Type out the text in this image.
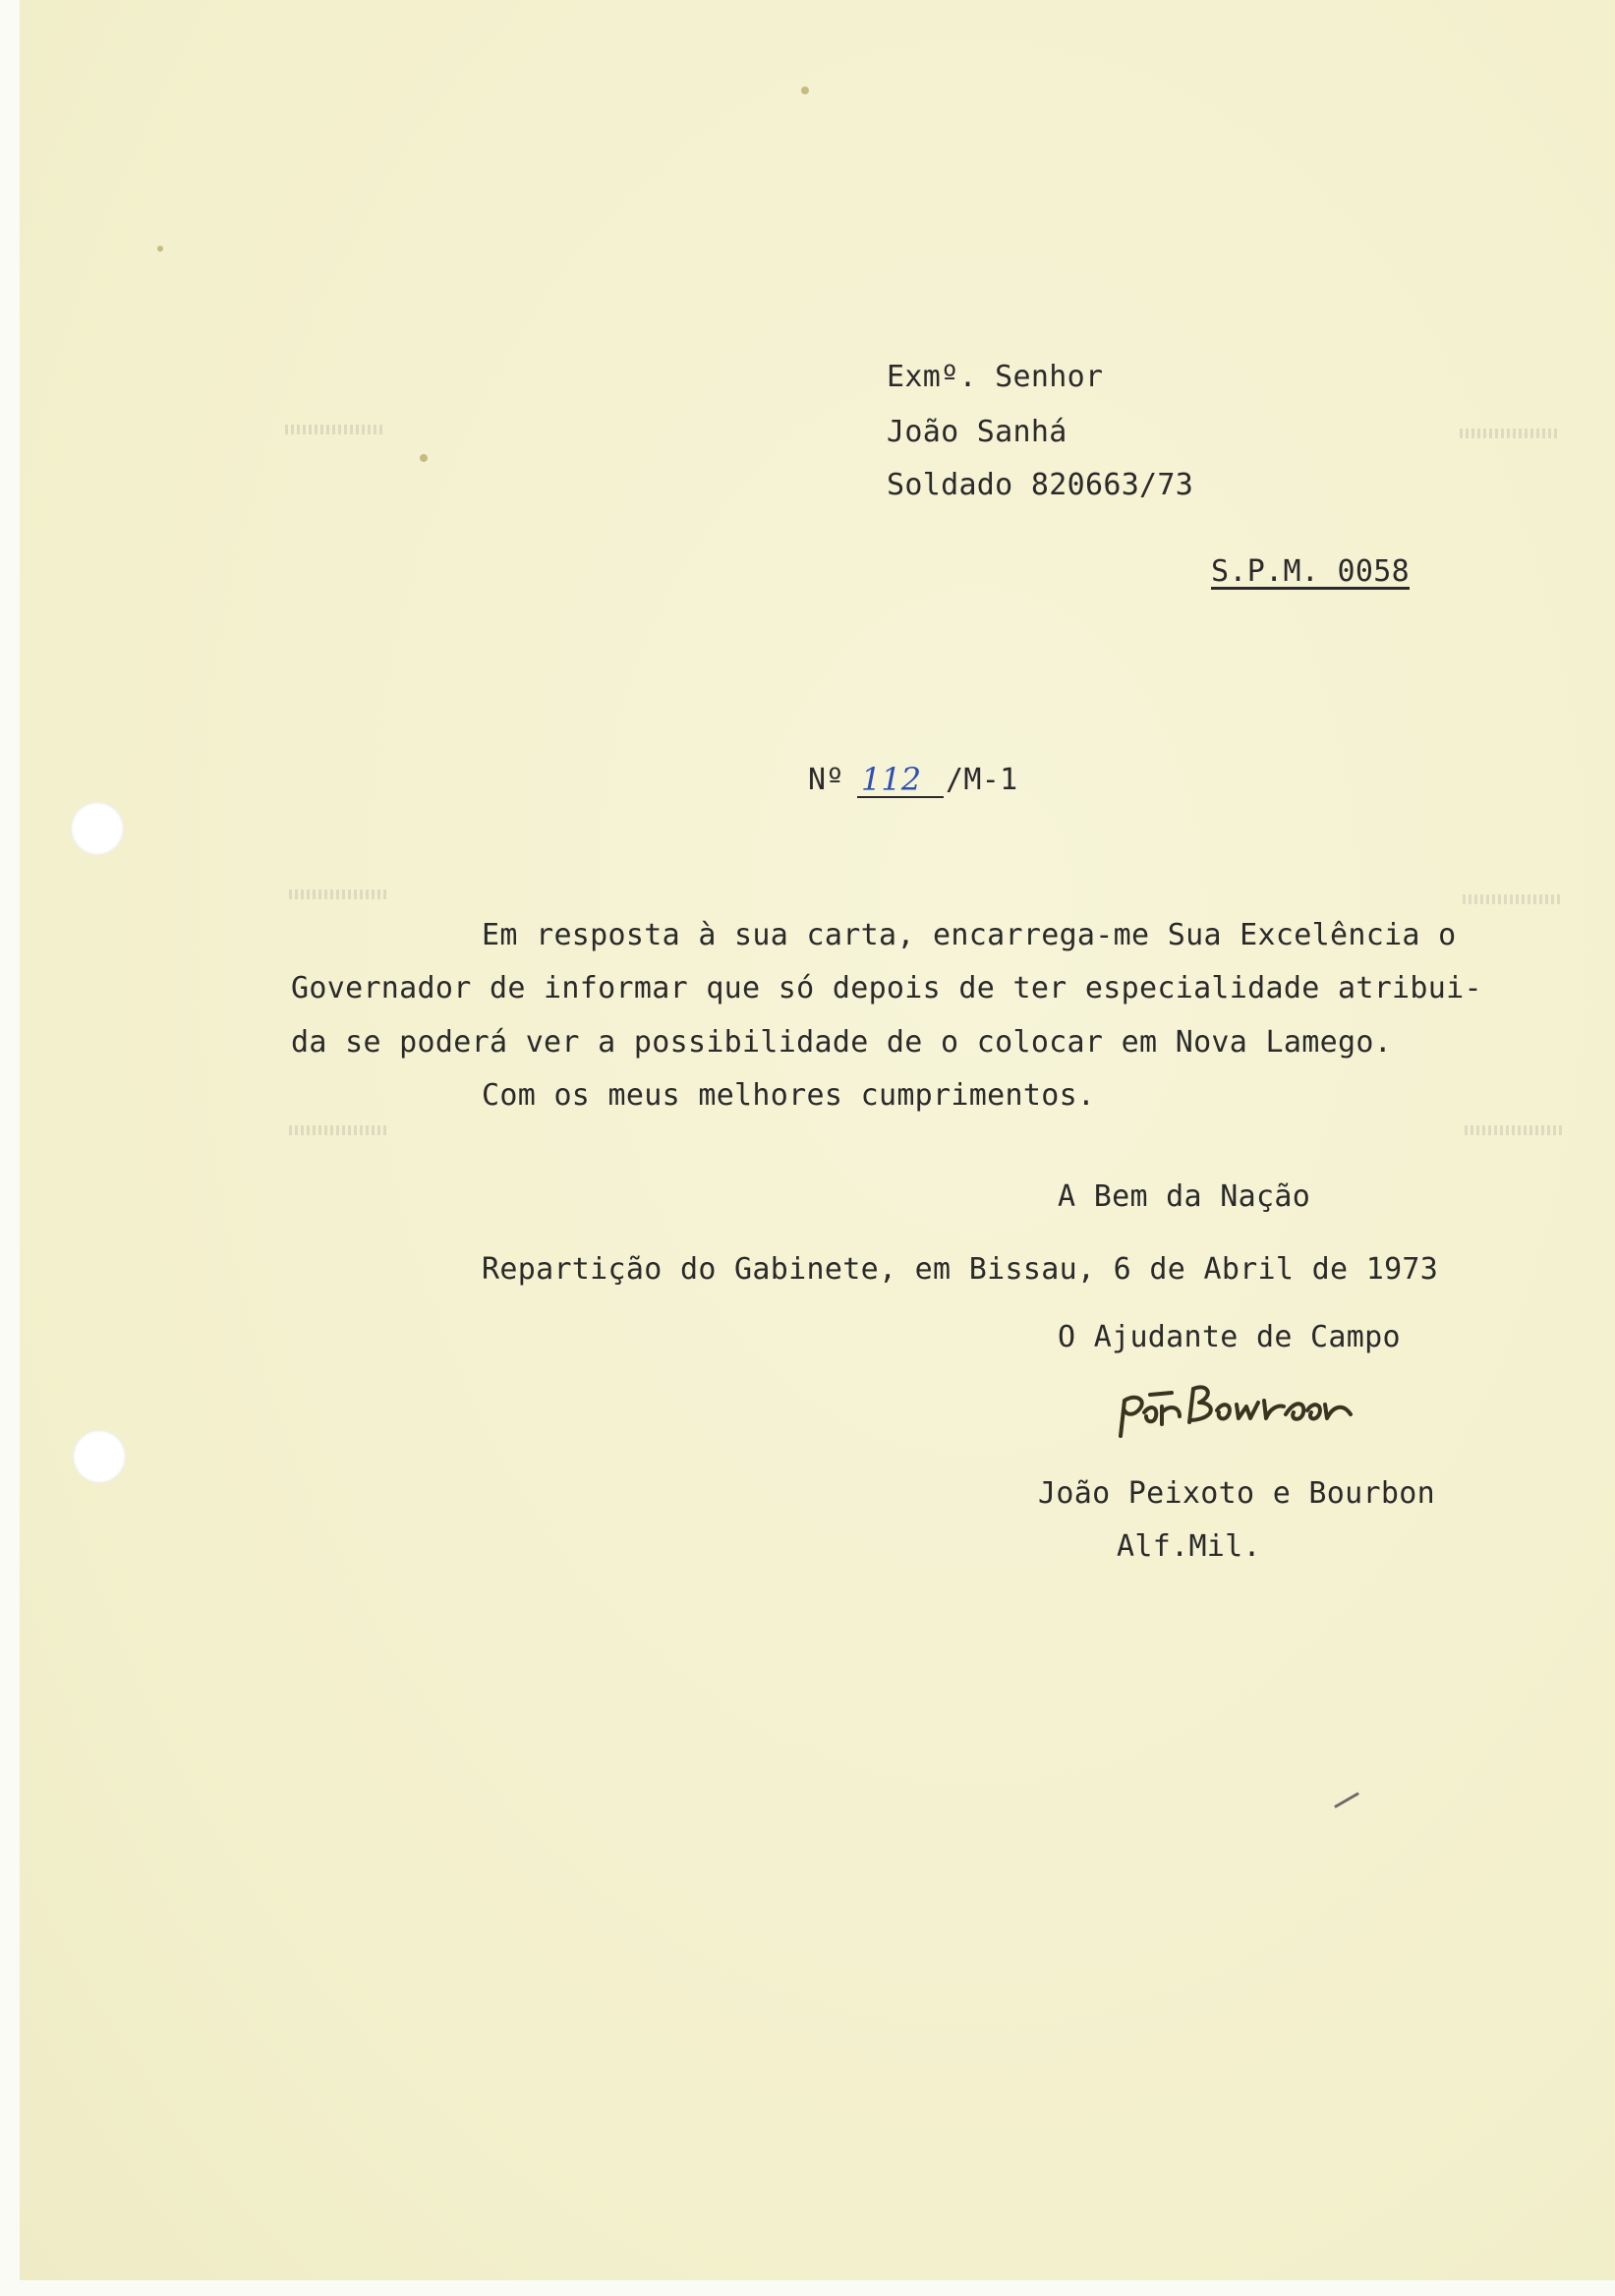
Exmº. Senhor
João Sanhá
Soldado 820663/73
S.P.M. 0058
Nº 112 /M-1
Em resposta à sua carta, encarrega-me Sua Excelência o
Governador de informar que só depois de ter especialidade atribui-
da se poderá ver a possibilidade de o colocar em Nova Lamego.
Com os meus melhores cumprimentos.
A Bem da Nação
Repartição do Gabinete, em Bissau, 6 de Abril de 1973
O Ajudante de Campo
João Peixoto e Bourbon
Alf.Mil.
